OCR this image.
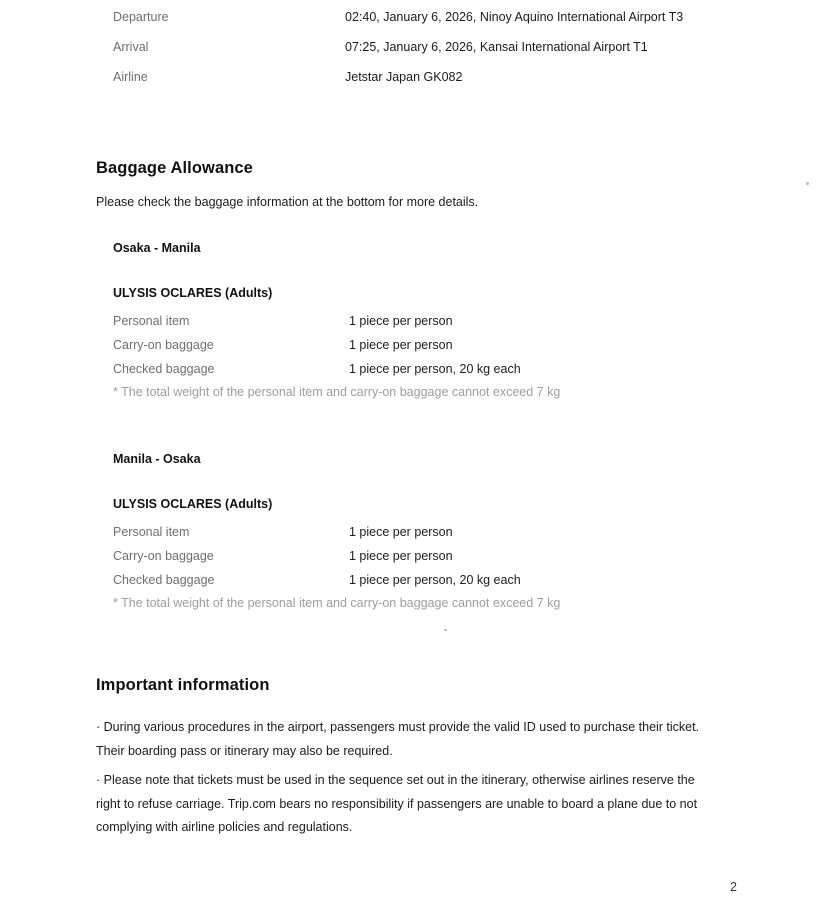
Departure	02:40, January 6, 2026, Ninoy Aquino International Airport T3
Arrival	07:25, January 6, 2026, Kansai International Airport T1
Airline	Jetstar Japan GK082
Baggage Allowance

Please check the baggage information at the bottom for more details.

Osaka - Manila
ULYSIS OCLARES (Adults)
Personal item	1 piece per person
Carry-on baggage	1 piece per person
Checked baggage	1 piece per person, 20 kg each

* The total weight of the personal item and carry-on baggage cannot exceed 7 kg

Manila - Osaka
ULYSIS OCLARES (Adults)
Personal item	1 piece per person
Carry-on baggage	1 piece per person
Checked baggage	1 piece per person, 20 kg each

* The total weight of the personal item and carry-on baggage cannot exceed 7 kg

Important information

· During various procedures in the airport, passengers must provide the valid ID used to purchase their ticket. Their boarding pass or itinerary may also be required.

· Please note that tickets must be used in the sequence set out in the itinerary, otherwise airlines reserve the right to refuse carriage. Trip.com bears no responsibility if passengers are unable to board a plane due to not complying with airline policies and regulations.

2
